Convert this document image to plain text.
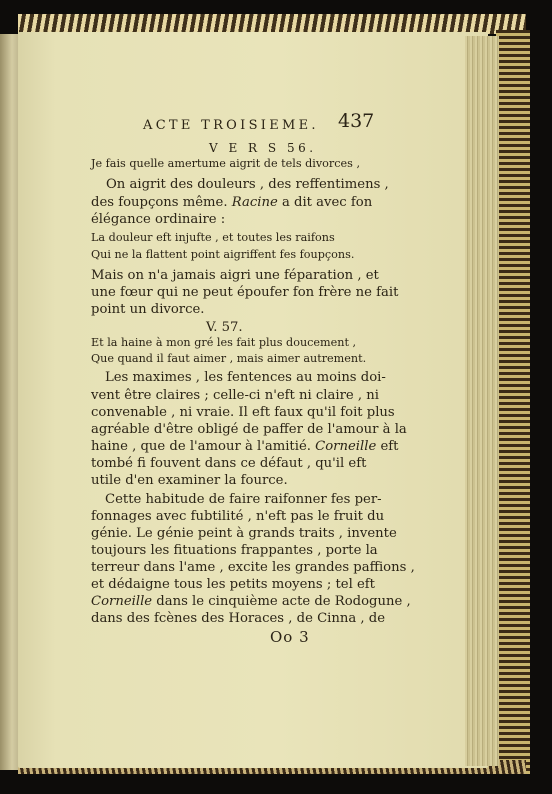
ACTE TROISIEME. 437
V E R S 56.
Je fais quelle amertume aigrit de tels divorces ,
On aigrit des douleurs , des reffentimens ,
des foupçons même. Racine a dit avec fon
élégance ordinaire :
La douleur eft injufte , et toutes les raifons
Qui ne la flattent point aigriffent fes foupçons.
Mais on n'a jamais aigri une féparation , et
une fœur qui ne peut époufer fon frère ne fait
point un divorce.
V. 57.
Et la haine à mon gré les fait plus doucement ,
Que quand il faut aimer , mais aimer autrement.
Les maximes , les fentences au moins doi-
vent être claires ; celle-ci n'eft ni claire , ni
convenable , ni vraie. Il eft faux qu'il foit plus
agréable d'être obligé de paffer de l'amour à la
haine , que de l'amour à l'amitié. Corneille eft
tombé fi fouvent dans ce défaut , qu'il eft
utile d'en examiner la fource.
Cette habitude de faire raifonner fes per-
fonnages avec fubtilité , n'eft pas le fruit du
génie. Le génie peint à grands traits , invente
toujours les fituations frappantes , porte la
terreur dans l'ame , excite les grandes paffions ,
et dédaigne tous les petits moyens ; tel eft
Corneille dans le cinquième acte de Rodogune ,
dans des fcènes des Horaces , de Cinna , de
Oo 3
